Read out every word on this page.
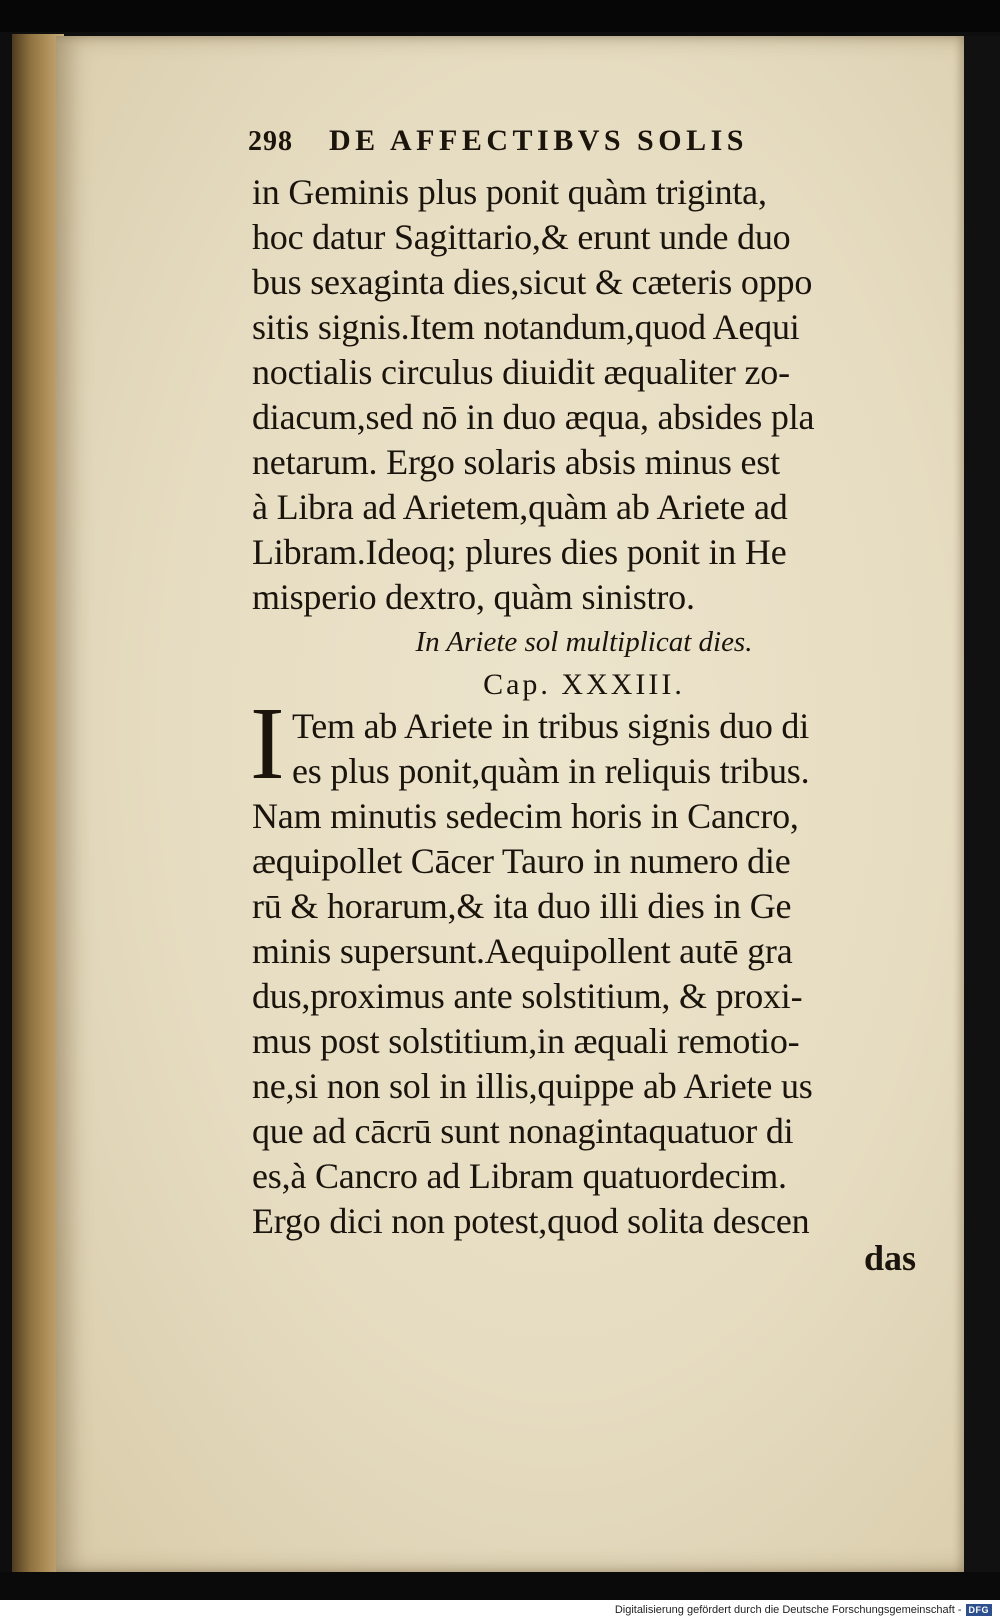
298 DE AFFECTIBVS SOLIS
in Geminis plus ponit quàm triginta,
hoc datur Sagittario,& erunt unde duo
bus sexaginta dies,sicut & cæteris oppo
sitis signis.Item notandum,quod Aequi
noctialis circulus diuidit æqualiter zo-
diacum,sed nō in duo æqua, absides pla
netarum. Ergo solaris absis minus est
à Libra ad Arietem,quàm ab Ariete ad
Libram.Ideoq; plures dies ponit in He
misperio dextro, quàm sinistro.
In Ariete sol multiplicat dies.
Cap. XXXIII.
I Tem ab Ariete in tribus signis duo di
es plus ponit,quàm in reliquis tribus.
Nam minutis sedecim horis in Cancro,
æquipollet Cācer Tauro in numero die
rū & horarum,& ita duo illi dies in Ge
minis supersunt.Aequipollent autē gra
dus,proximus ante solstitium, & proxi-
mus post solstitium,in æquali remotio-
ne,si non sol in illis,quippe ab Ariete us
que ad cācrū sunt nonagintaquatuor di
es,à Cancro ad Libram quatuordecim.
Ergo dici non potest,quod solita descen
das
Digitalisierung gefördert durch die Deutsche Forschungsgemeinschaft - DFG
